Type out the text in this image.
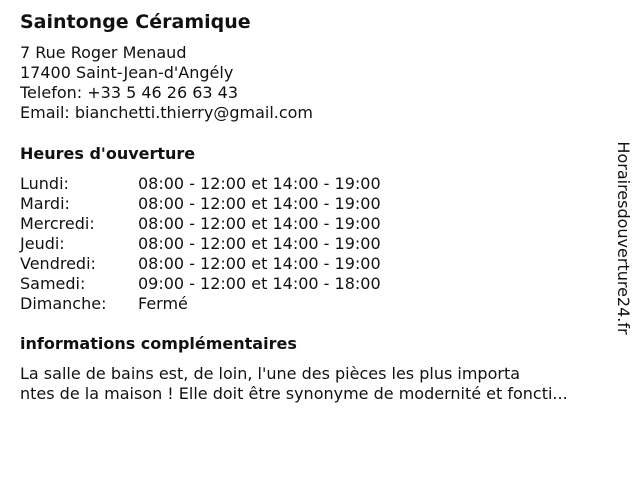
Saintonge Céramique
7 Rue Roger Menaud
17400 Saint-Jean-d'Angély
Telefon: +33 5 46 26 63 43
Email: bianchetti.thierry@gmail.com
Heures d'ouverture
Lundi:	08:00 - 12:00 et 14:00 - 19:00
Mardi:	08:00 - 12:00 et 14:00 - 19:00
Mercredi:	08:00 - 12:00 et 14:00 - 19:00
Jeudi:	08:00 - 12:00 et 14:00 - 19:00
Vendredi:	08:00 - 12:00 et 14:00 - 19:00
Samedi:	09:00 - 12:00 et 14:00 - 18:00
Dimanche: Fermé
informations complémentaires
La salle de bains est, de loin, l'une des pièces les plus importa
ntes de la maison ! Elle doit être synonyme de modernité et foncti...
Horairesdouverture24.fr
